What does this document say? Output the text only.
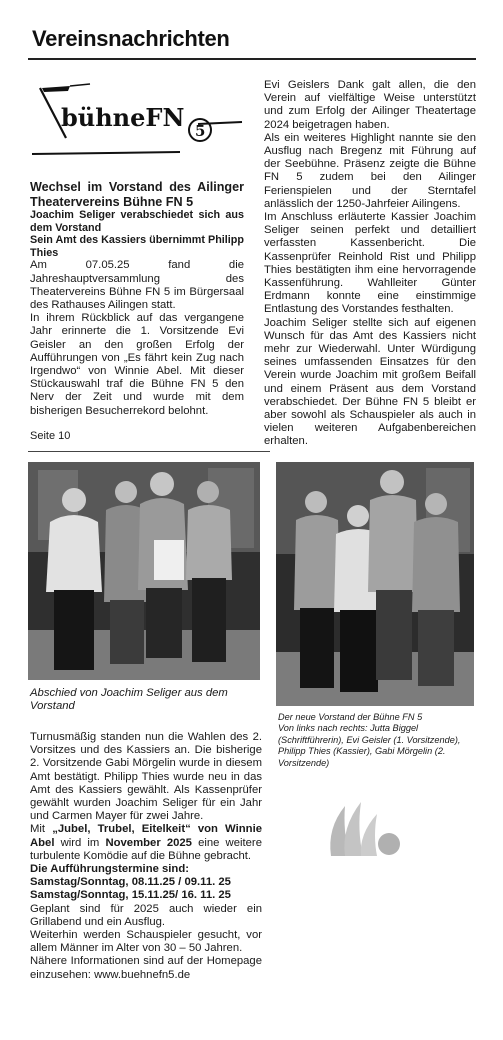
Vereinsnachrichten
bühneFN 5

Wechsel im Vorstand des Ailinger Theatervereins Bühne FN 5

Joachim Seliger verabschiedet sich aus dem Vorstand

Sein Amt des Kassiers übernimmt Philipp Thies

Am 07.05.25 fand die Jahreshauptversammlung des Theatervereins Bühne FN 5 im Bürgersaal des Rathauses Ailingen statt.

In ihrem Rückblick auf das vergangene Jahr erinnerte die 1. Vorsitzende Evi Geisler an den großen Erfolg der Aufführungen von „Es fährt kein Zug nach Irgendwo“ von Winnie Abel. Mit dieser Stückauswahl traf die Bühne FN 5 den Nerv der Zeit und wurde mit dem bisherigen Besucherrekord belohnt.

Evi Geislers Dank galt allen, die den Verein auf vielfältige Weise unterstützt und zum Erfolg der Ailinger Theatertage 2024 beigetragen haben.

Als ein weiteres Highlight nannte sie den Ausflug nach Bregenz mit Führung auf der Seebühne. Präsenz zeigte die Bühne FN 5 zudem bei den Ailinger Ferienspielen und der Sterntafel anlässlich der 1250-Jahrfeier Ailingens.

Im Anschluss erläuterte Kassier Joachim Seliger seinen perfekt und detailliert verfassten Kassenbericht. Die Kassenprüfer Reinhold Rist und Philipp Thies bestätigten ihm eine hervorragende Kassenführung. Wahlleiter Günter Erdmann konnte eine einstimmige Entlastung des Vorstandes festhalten.

Joachim Seliger stellte sich auf eigenen Wunsch für das Amt des Kassiers nicht mehr zur Wiederwahl. Unter Würdigung seines umfassenden Einsatzes für den Verein wurde Joachim mit großem Beifall und einem Präsent aus dem Vorstand verabschiedet. Der Bühne FN 5 bleibt er aber sowohl als Schauspieler als auch in vielen weiteren Aufgabenbereichen erhalten.

Seite 10
Abschied von Joachim Seliger aus dem Vorstand
Der neue Vorstand der Bühne FN 5
Von links nach rechts: Jutta Biggel (Schriftführerin), Evi Geisler (1. Vorsitzende), Philipp Thies (Kassier), Gabi Mörgelin (2. Vorsitzende)

Turnusmäßig standen nun die Wahlen des 2. Vorsitzes und des Kassiers an. Die bisherige 2. Vorsitzende Gabi Mörgelin wurde in diesem Amt bestätigt. Philipp Thies wurde neu in das Amt des Kassiers gewählt. Als Kassenprüfer gewählt wurden Joachim Seliger für ein Jahr und Carmen Mayer für zwei Jahre.

Mit „Jubel, Trubel, Eitelkeit“ von Winnie Abel wird im November 2025 eine weitere turbulente Komödie auf die Bühne gebracht.

Die Aufführungstermine sind:

Samstag/Sonntag, 08.11.25 / 09.11. 25

Samstag/Sonntag, 15.11.25/ 16. 11. 25

Geplant sind für 2025 auch wieder ein Grillabend und ein Ausflug.

Weiterhin werden Schauspieler gesucht, vor allem Männer im Alter von 30 – 50 Jahren.

Nähere Informationen sind auf der Homepage einzusehen: www.buehnefn5.de
